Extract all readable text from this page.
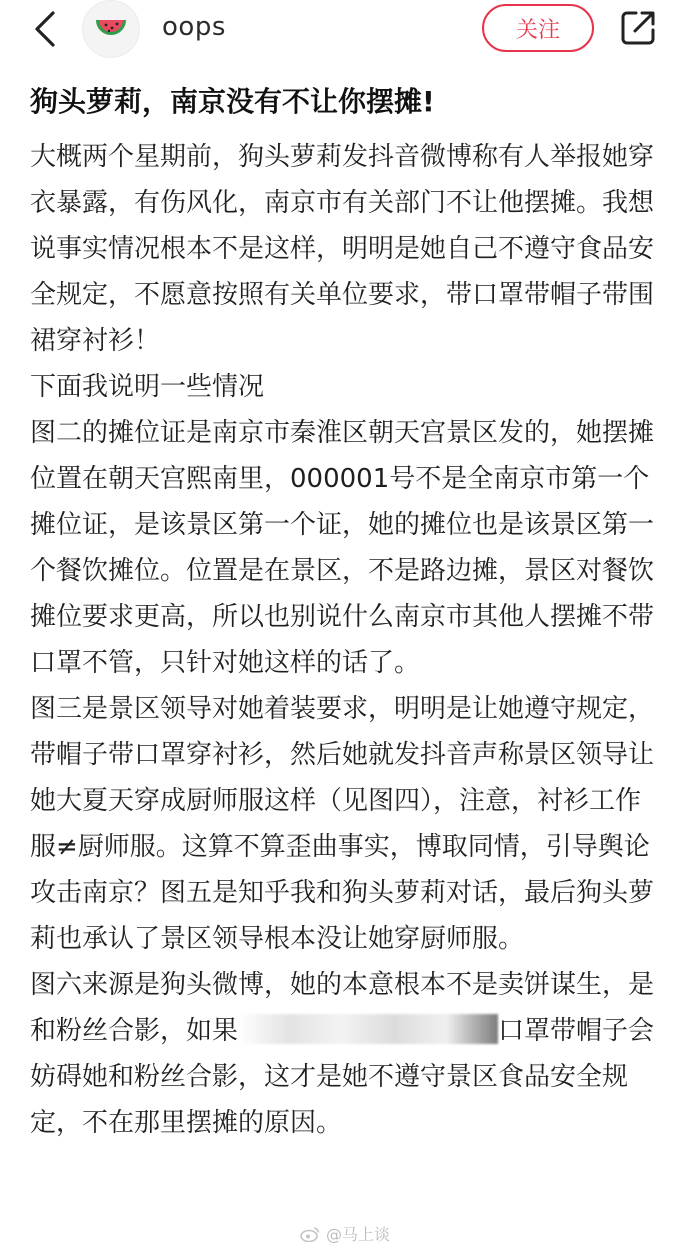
oops	关注
狗头萝莉，南京没有不让你摆摊!

大概两个星期前，狗头萝莉发抖音微博称有人举报她穿衣暴露，有伤风化，南京市有关部门不让他摆摊。我想说事实情况根本不是这样，明明是她自己不遵守食品安全规定，不愿意按照有关单位要求，带口罩带帽子带围裙穿衬衫！

下面我说明一些情况

图二的摊位证是南京市秦淮区朝天宫景区发的，她摆摊位置在朝天宫熙南里，000001号不是全南京市第一个摊位证，是该景区第一个证，她的摊位也是该景区第一个餐饮摊位。位置是在景区，不是路边摊，景区对餐饮摊位要求更高，所以也别说什么南京市其他人摆摊不带口罩不管，只针对她这样的话了。

图三是景区领导对她着装要求，明明是让她遵守规定，带帽子带口罩穿衬衫，然后她就发抖音声称景区领导让她大夏天穿成厨师服这样（见图四），注意，衬衫工作服≠厨师服。这算不算歪曲事实，博取同情，引导舆论攻击南京？图五是知乎我和狗头萝莉对话，最后狗头萝莉也承认了景区领导根本没让她穿厨师服。

图六来源是狗头微博，她的本意根本不是卖饼谋生，是和粉丝合影，如果	口罩带帽子会妨碍她和粉丝合影，这才是她不遵守景区食品安全规定，不在那里摆摊的原因。

@马上谈
